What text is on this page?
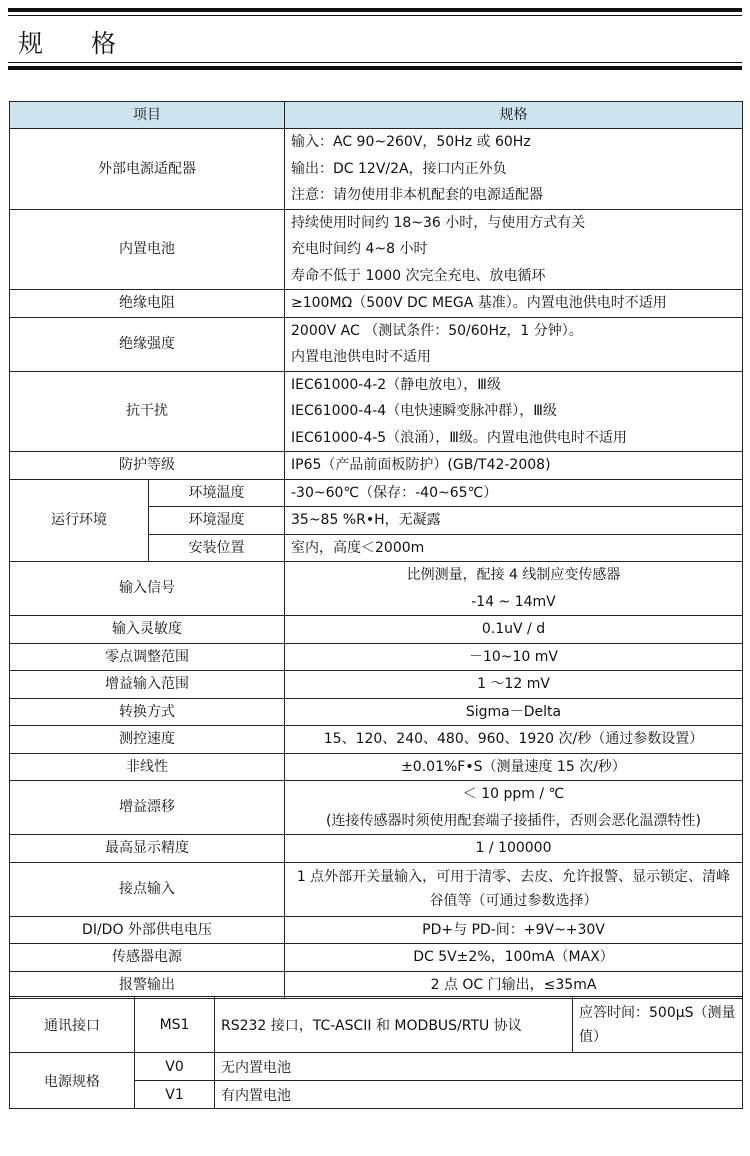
规 格
项目		规格
外部电源适配器		输入：AC 90~260V，50Hz 或 60Hz
输出：DC 12V/2A，接口内正外负
注意：请勿使用非本机配套的电源适配器

内置电池		持续使用时间约 18~36 小时，与使用方式有关
充电时间约 4~8 小时
寿命不低于 1000 次完全充电、放电循环

绝缘电阻		≥100MΩ（500V DC MEGA 基准）。内置电池供电时不适用
绝缘强度		2000V AC （测试条件：50/60Hz，1 分钟）。
内置电池供电时不适用

抗干扰		IEC61000-4-2（静电放电），Ⅲ级
IEC61000-4-4（电快速瞬变脉冲群），Ⅲ级
IEC61000-4-5（浪涌），Ⅲ级。内置电池供电时不适用

防护等级		IP65（产品前面板防护）(GB/T42-2008)
运行环境	环境温度	-30~60℃（保存：-40~65℃）
	环境湿度	35~85 %R•H，无凝露
	安装位置	室内，高度＜2000m
输入信号		比例测量，配接 4 线制应变传感器
-14 ~ 14mV

输入灵敏度		0.1uV / d
零点调整范围		－10~10 mV
增益输入范围		1 ～12 mV
转换方式		Sigma－Delta
测控速度		15、120、240、480、960、1920 次/秒（通过参数设置）
非线性		±0.01%F•S（测量速度 15 次/秒）
增益漂移		＜ 10 ppm / ℃
(连接传感器时须使用配套端子接插件，否则会恶化温漂特性)

最高显示精度		1 / 100000
接点输入		1 点外部开关量输入，可用于清零、去皮、允许报警、显示锁定、清峰谷值等（可通过参数选择）
DI/DO 外部供电电压		PD+与 PD-间：+9V~+30V
传感器电源		DC 5V±2%，100mA（MAX）
报警输出		2 点 OC 门输出，≤35mA
通讯接口	MS1	RS232 接口，TC-ASCII 和 MODBUS/RTU 协议	应答时间：500μS（测量值）
电源规格	V0	无内置电池	
	V1	有内置电池	
